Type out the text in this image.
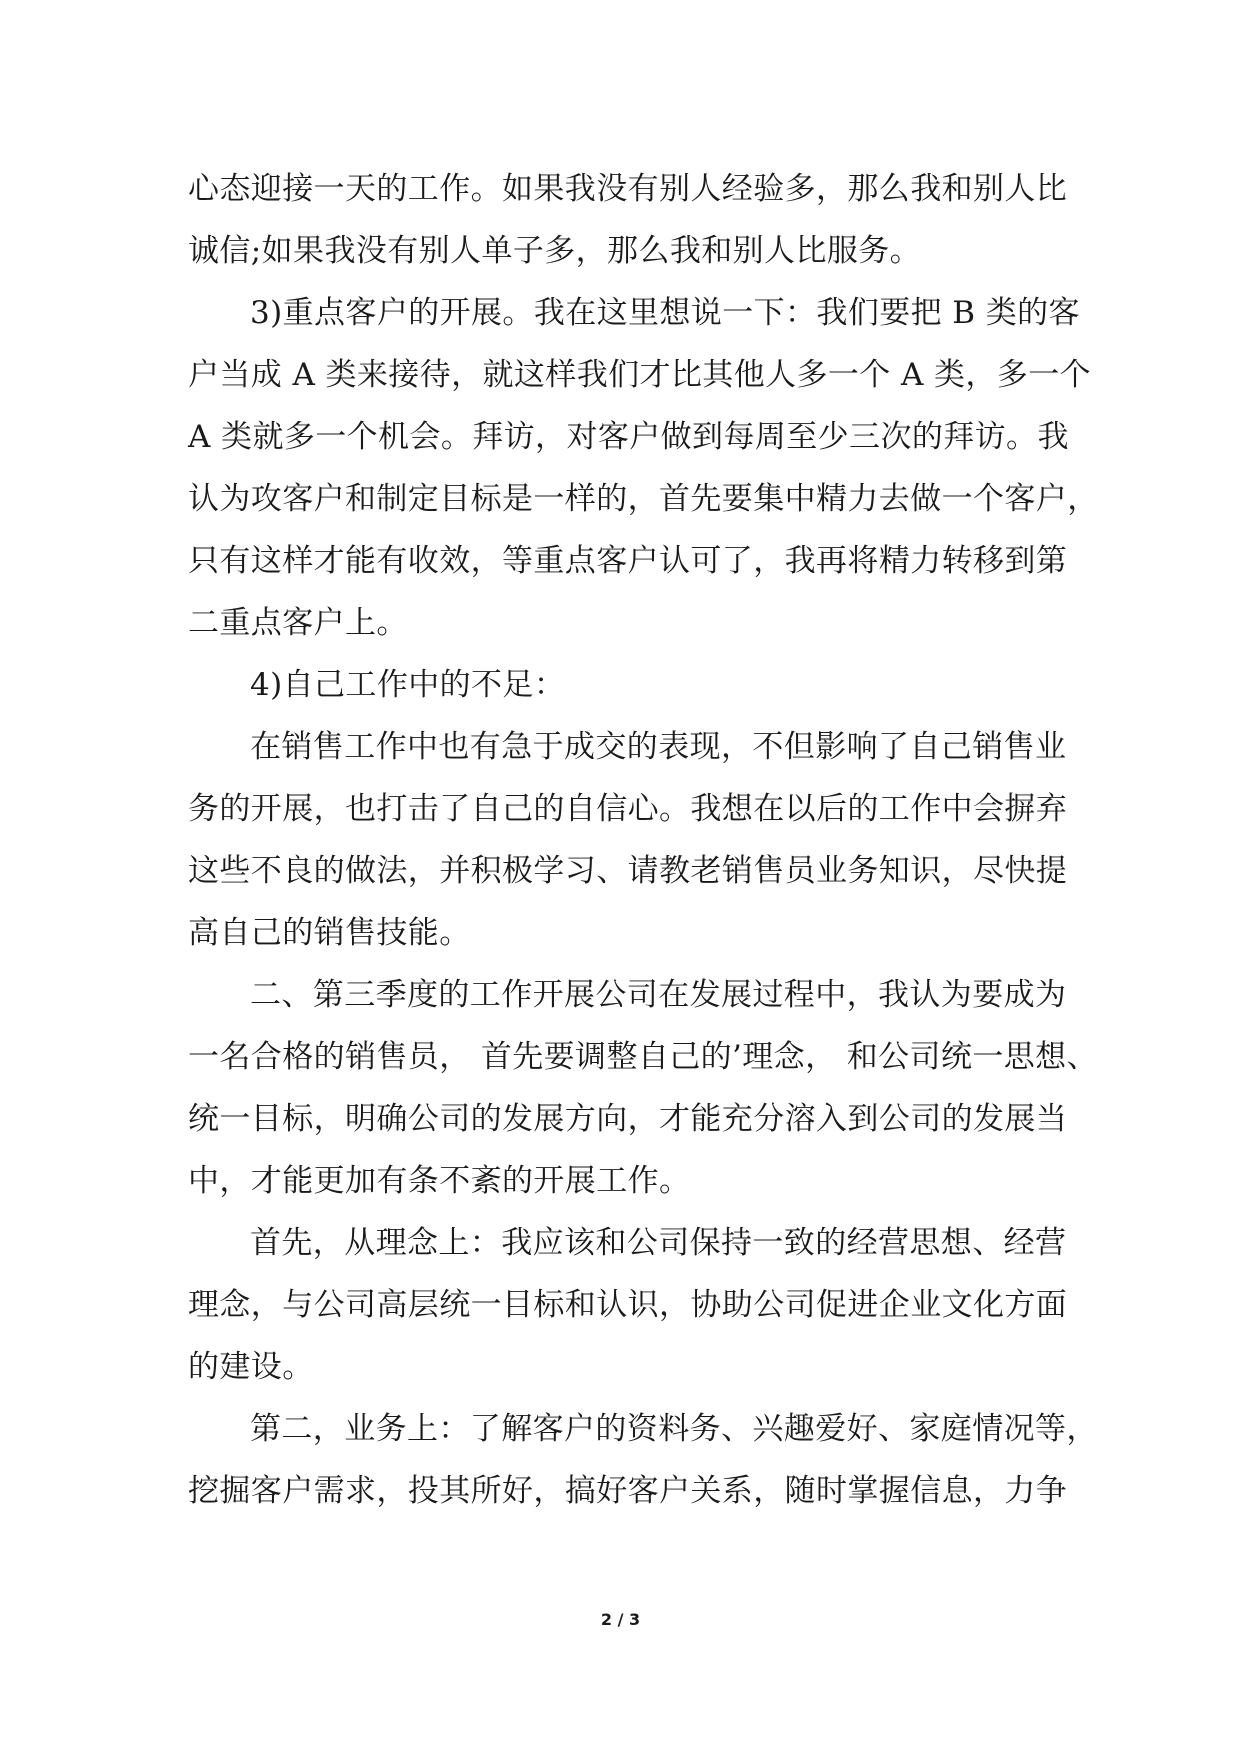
心态迎接一天的工作。如果我没有别人经验多，那么我和别人比
诚信;如果我没有别人单子多，那么我和别人比服务。
3)重点客户的开展。我在这里想说一下：我们要把 B 类的客
户当成 A 类来接待，就这样我们才比其他人多一个 A 类，多一个
A 类就多一个机会。拜访，对客户做到每周至少三次的拜访。我
认为攻客户和制定目标是一样的，首先要集中精力去做一个客户，
只有这样才能有收效，等重点客户认可了，我再将精力转移到第
二重点客户上。
4)自己工作中的不足：
在销售工作中也有急于成交的表现，不但影响了自己销售业
务的开展，也打击了自己的自信心。我想在以后的工作中会摒弃
这些不良的做法，并积极学习、请教老销售员业务知识，尽快提
高自己的销售技能。
二、第三季度的工作开展公司在发展过程中，我认为要成为
一名合格的销售员， 首先要调整自己的’理念， 和公司统一思想、
统一目标，明确公司的发展方向，才能充分溶入到公司的发展当
中，才能更加有条不紊的开展工作。
首先，从理念上：我应该和公司保持一致的经营思想、经营
理念，与公司高层统一目标和认识，协助公司促进企业文化方面
的建设。
第二，业务上：了解客户的资料务、兴趣爱好、家庭情况等，
挖掘客户需求，投其所好，搞好客户关系，随时掌握信息，力争
2 / 3
